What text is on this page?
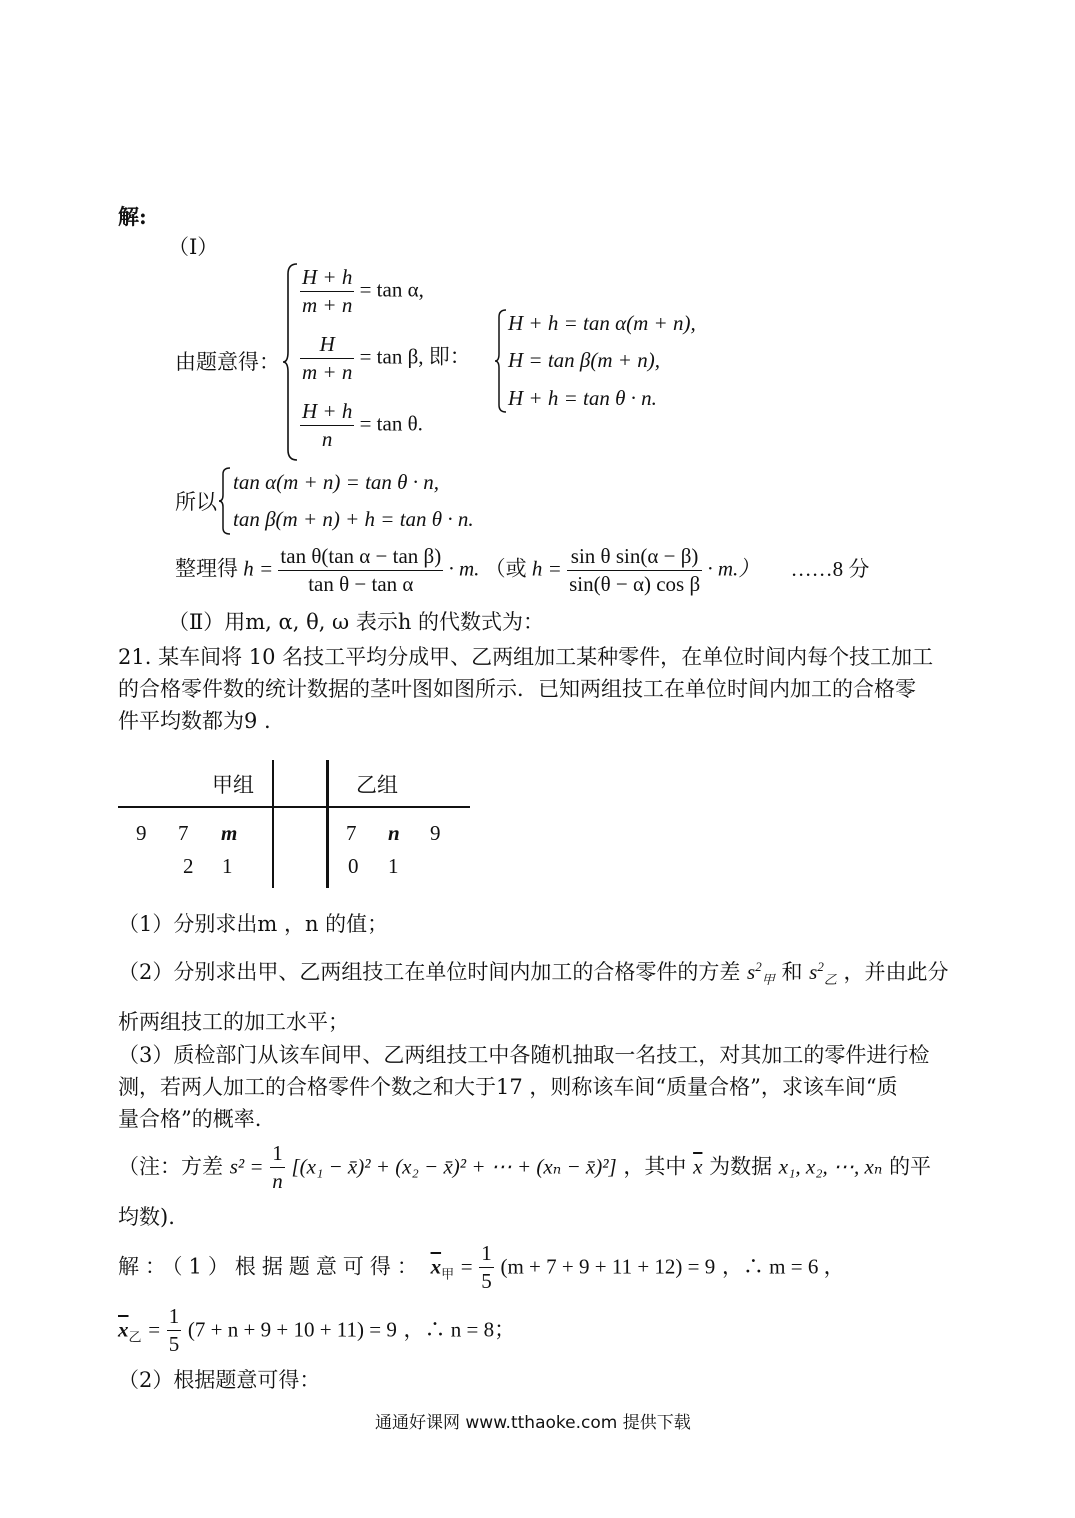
解:
（Ⅰ）
由题意得：
$\frac{H + h}{m + n} = \tan \alpha$,
$\frac{H}{m + n} = \tan \beta$, 即：
$\frac{H + h}{n} = \tan \theta$.
H + h = tan α(m + n),
H = tan β(m + n),
H + h = tan θ · n.
所以
tan α(m + n) = tan θ · n,
tan β(m + n) + h = tan θ · n.
整理得 $h = \frac{\text{tan θ(tan α − tan β)}}{\text{tan θ − tan α}} \cdot m$. （或 $h = \frac{\text{sin θ sin(α − β)}}{\text{sin(θ − α) cos β}} \cdot m$.） ……8 分
（Ⅱ）用m, α, θ, ω 表示h 的代数式为：
21. 某车间将 10 名技工平均分成甲、乙两组加工某种零件，在单位时间内每个技工加工
的合格零件数的统计数据的茎叶图如图所示．已知两组技工在单位时间内加工的合格零
件平均数都为9 .
甲组	乙组
9 7 m
2 1
7 n 9
0 1
（1）分别求出m ，n 的值；
（2）分别求出甲、乙两组技工在单位时间内加工的合格零件的方差 $s^2_甲$ 和 $s^2_乙$ ，并由此分
析两组技工的加工水平；
（3）质检部门从该车间甲、乙两组技工中各随机抽取一名技工，对其加工的零件进行检
测，若两人加工的合格零件个数之和大于17 ，则称该车间“质量合格”，求该车间“质
量合格”的概率.
（注：方差 $s^2 = \frac{1}{n} [(x_1$ − x̄)² + (x₂ − x̄)² + ⋯ + (xₙ − x̄)²] ，其中 $\overline{x}$ 为数据 x₁, x₂, ⋯, xₙ 的平
均数).
解：（1）根据题意可得： $\overline{x}_甲 = \frac{1}{5} (m + 7 + 9 + 11 + 12) = 9$ ，∴ m = 6 ，
$\overline{x}_乙 = \frac{1}{5} (7 + n + 9 + 10 + 11) = 9$ ，∴ n = 8；
（2）根据题意可得：
通通好课网 www.tthaoke.com 提供下载
